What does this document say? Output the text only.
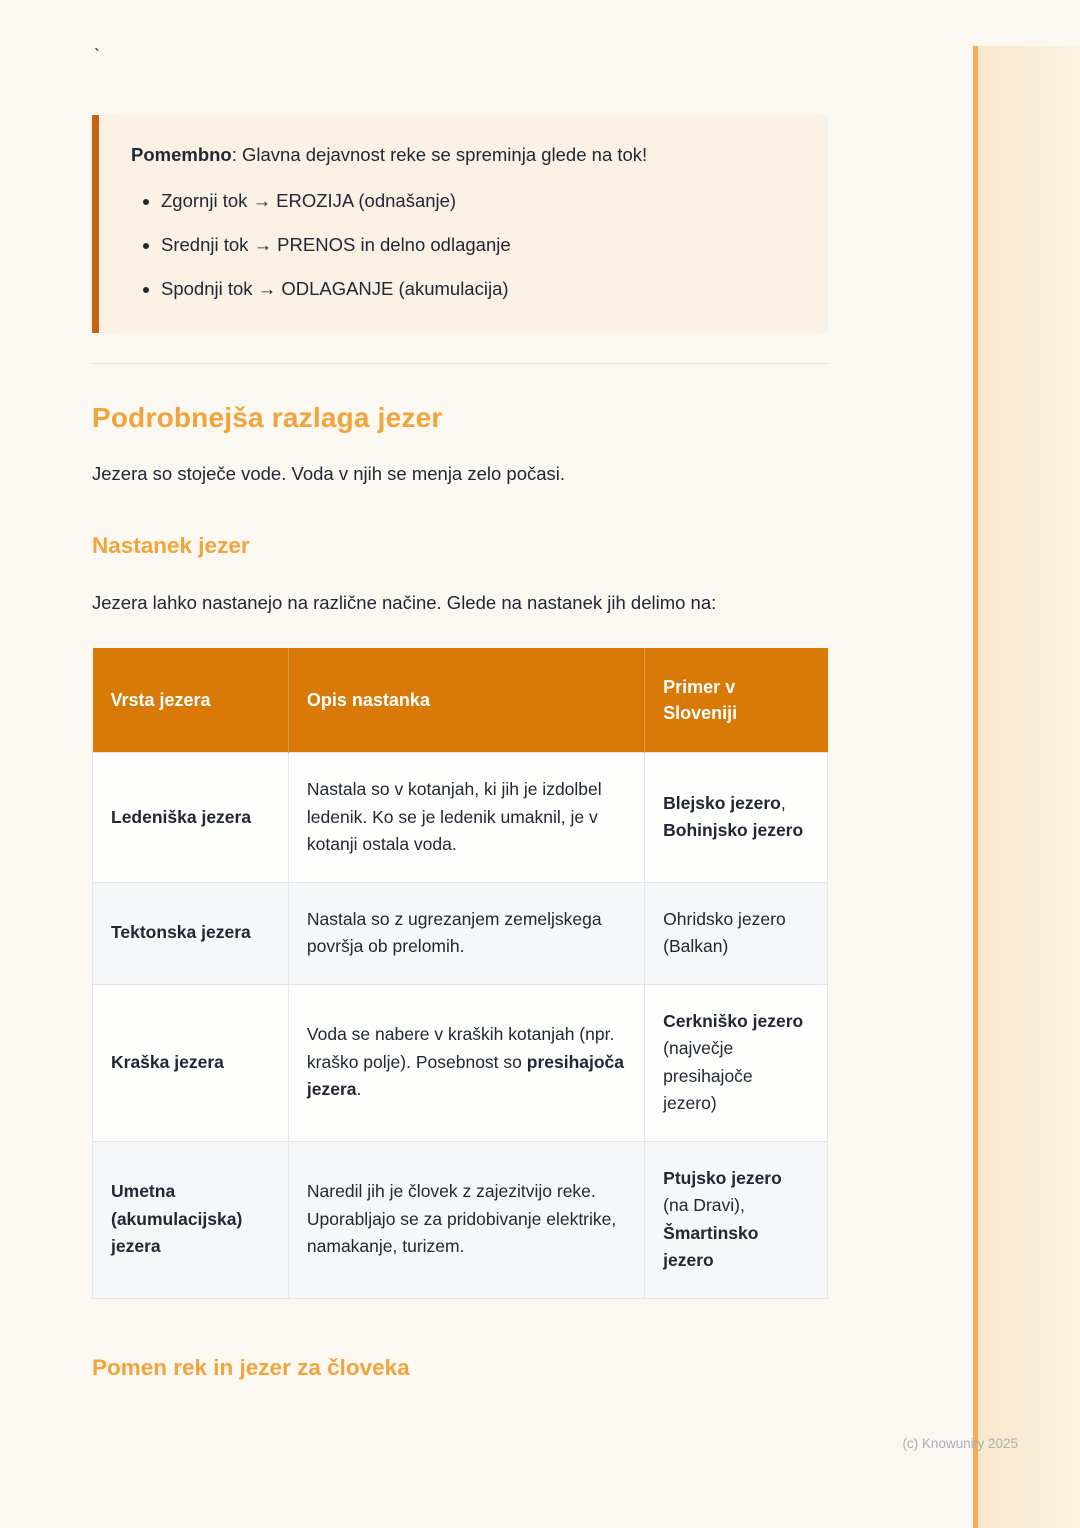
`

Pomembno: Glavna dejavnost reke se spreminja glede na tok!

• Zgornji tok → EROZIJA (odnašanje)
• Srednji tok → PRENOS in delno odlaganje
• Spodnji tok → ODLAGANJE (akumulacija)
Podrobnejša razlaga jezer

Jezera so stoječe vode. Voda v njih se menja zelo počasi.

Nastanek jezer

Jezera lahko nastanejo na različne načine. Glede na nastanek jih delimo na:

Vrsta jezera	Opis nastanka	Primer v Sloveniji
Ledeniška jezera	Nastala so v kotanjah, ki jih je izdolbel ledenik. Ko se je ledenik umaknil, je v kotanji ostala voda.	Blejsko jezero, Bohinjsko jezero
Tektonska jezera	Nastala so z ugrezanjem zemeljskega površja ob prelomih.	Ohridsko jezero (Balkan)
Kraška jezera	Voda se nabere v kraških kotanjah (npr. kraško polje). Posebnost so presihajoča jezera.	Cerkniško jezero (največje presihajoče jezero)
Umetna (akumulacijska) jezera	Naredil jih je človek z zajezitvijo reke. Uporabljajo se za pridobivanje elektrike, namakanje, turizem.	Ptujsko jezero (na Dravi), Šmartinsko jezero
Pomen rek in jezer za človeka
(c) Knowunity 2025
